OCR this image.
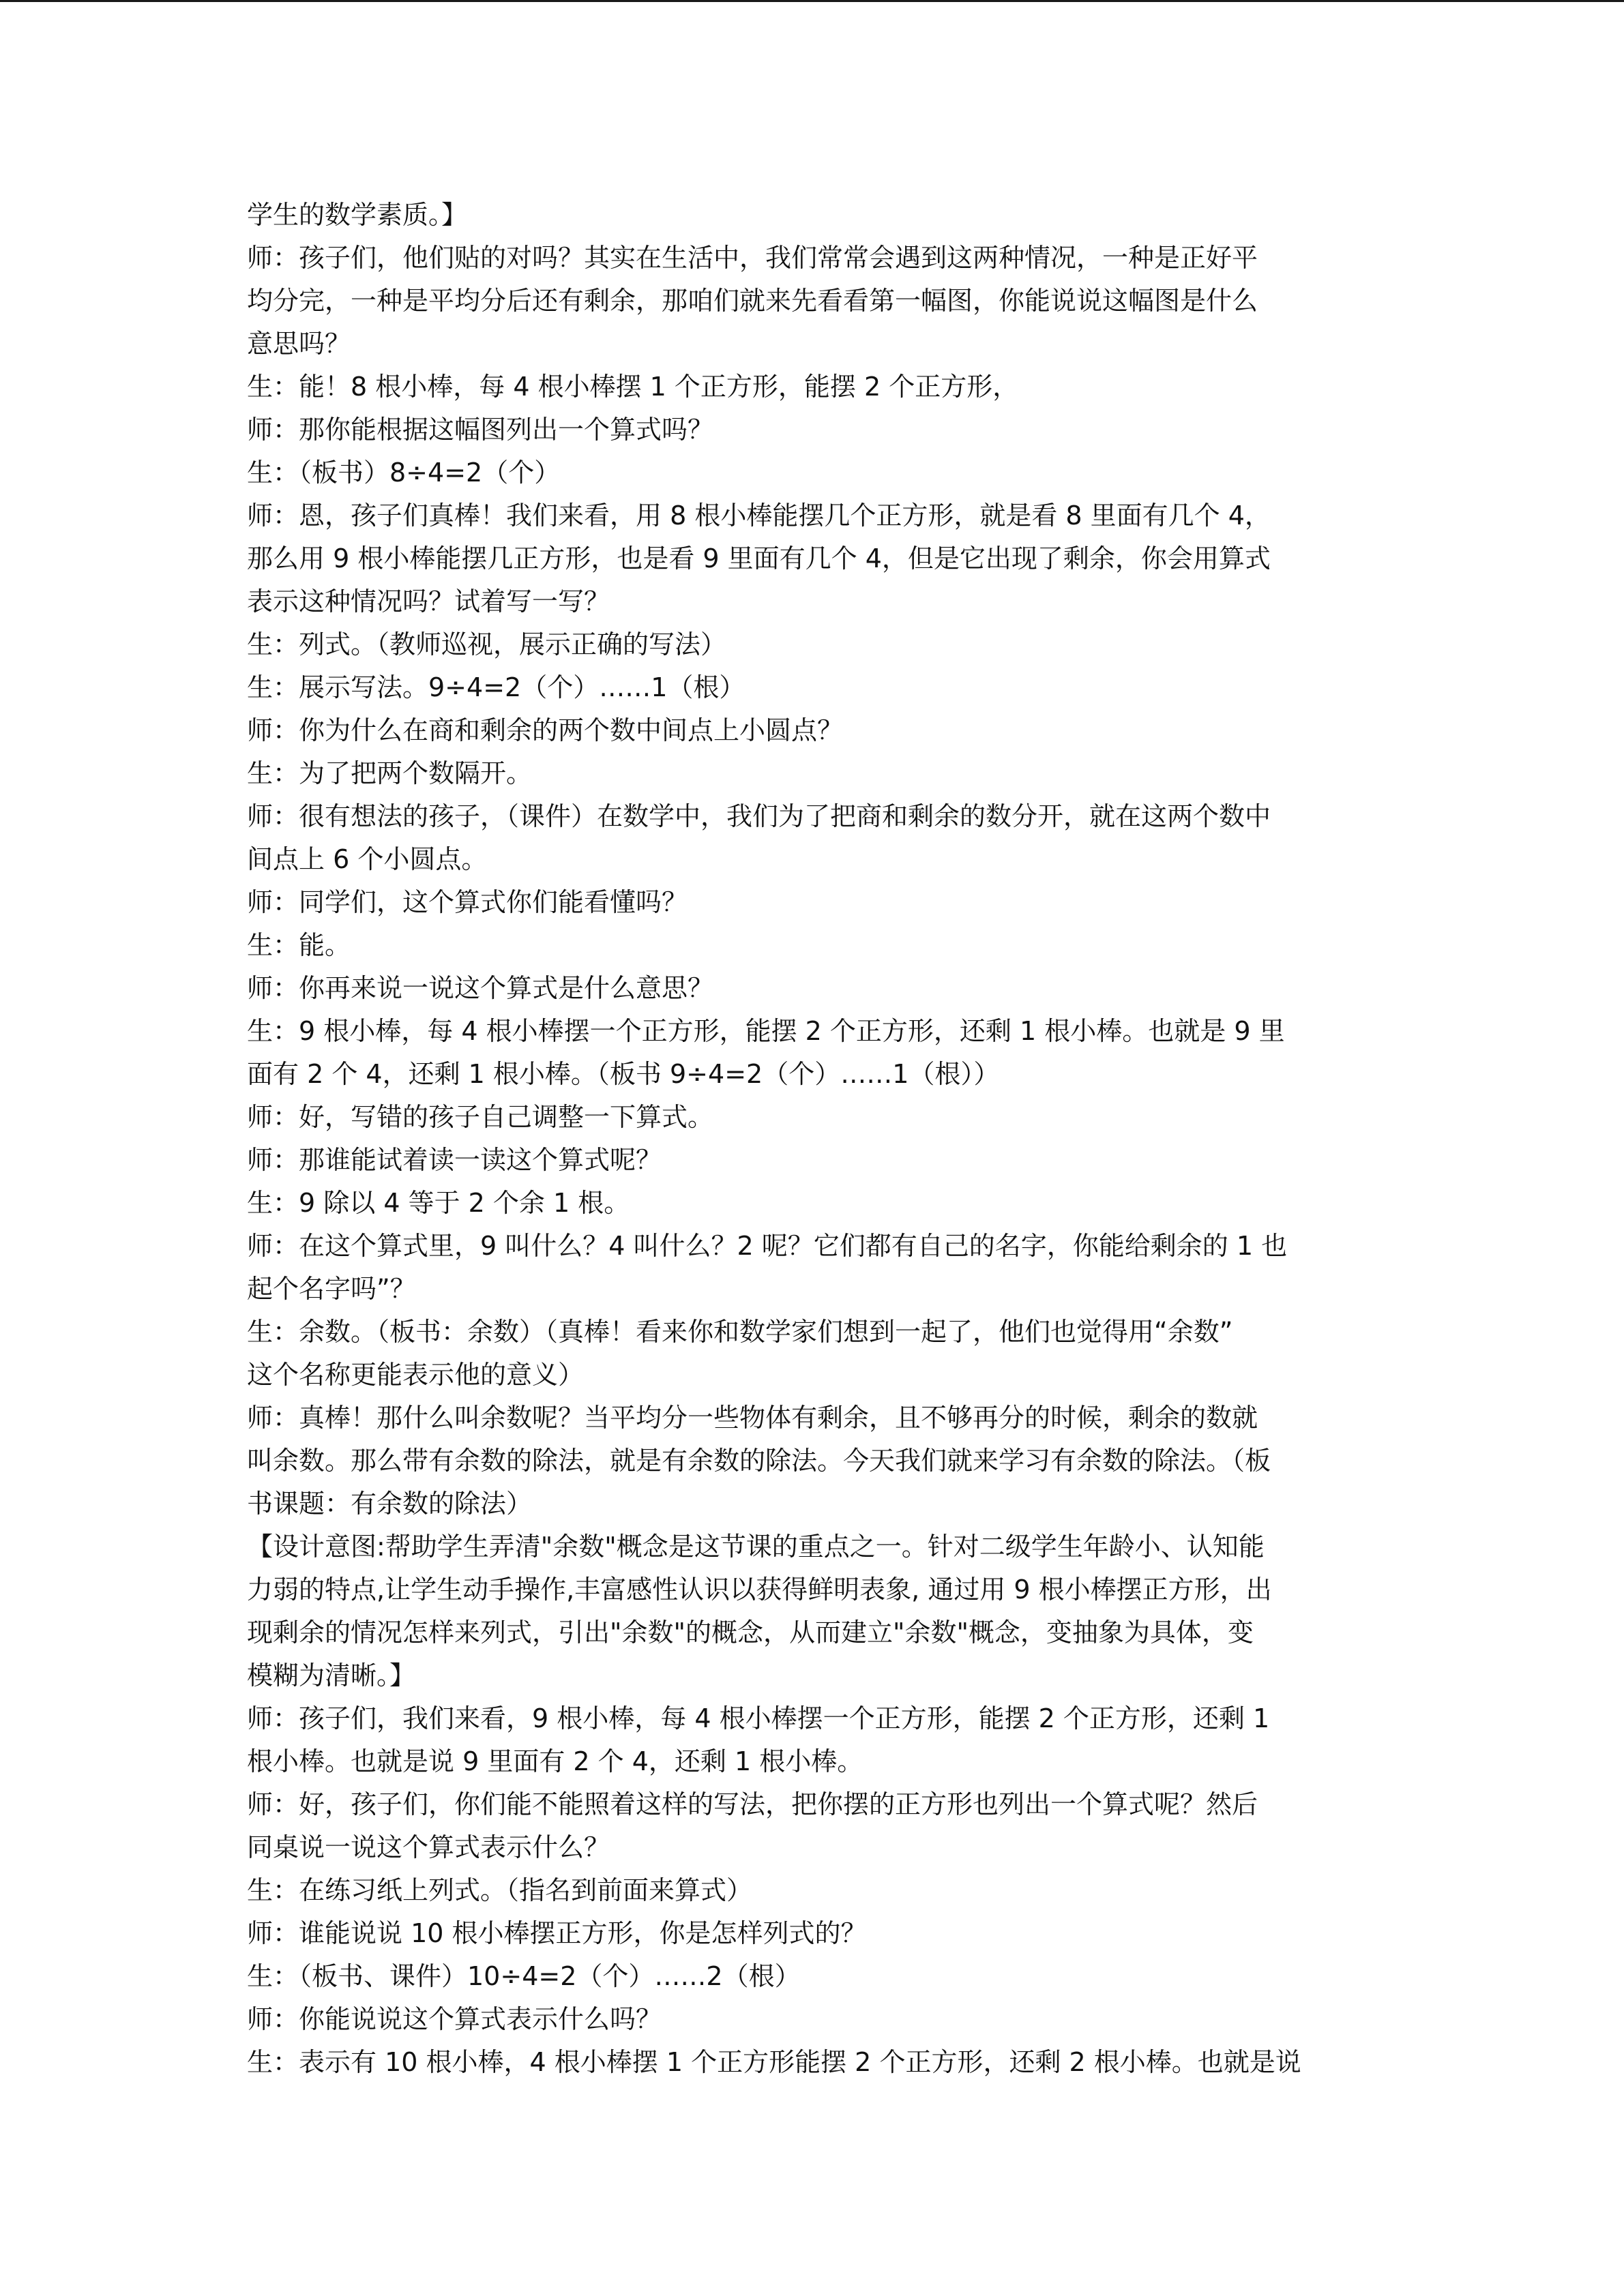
学生的数学素质。】
师：孩子们，他们贴的对吗？其实在生活中，我们常常会遇到这两种情况，一种是正好平
均分完，一种是平均分后还有剩余，那咱们就来先看看第一幅图，你能说说这幅图是什么
意思吗？
生：能！8 根小棒，每 4 根小棒摆 1 个正方形，能摆 2 个正方形，
师：那你能根据这幅图列出一个算式吗？
生：（板书）8÷4=2（个）
师：恩，孩子们真棒！我们来看，用 8 根小棒能摆几个正方形，就是看 8 里面有几个 4，
那么用 9 根小棒能摆几正方形，也是看 9 里面有几个 4，但是它出现了剩余，你会用算式
表示这种情况吗？试着写一写？
生：列式。（教师巡视，展示正确的写法）
生：展示写法。9÷4=2（个）……1（根）
师：你为什么在商和剩余的两个数中间点上小圆点？
生：为了把两个数隔开。
师：很有想法的孩子，（课件）在数学中，我们为了把商和剩余的数分开，就在这两个数中
间点上 6 个小圆点。
师：同学们，这个算式你们能看懂吗？
生：能。
师：你再来说一说这个算式是什么意思？
生：9 根小棒，每 4 根小棒摆一个正方形，能摆 2 个正方形，还剩 1 根小棒。也就是 9 里
面有 2 个 4，还剩 1 根小棒。（板书 9÷4=2（个）……1（根））
师：好，写错的孩子自己调整一下算式。
师：那谁能试着读一读这个算式呢？
生：9 除以 4 等于 2 个余 1 根。
师：在这个算式里，9 叫什么？4 叫什么？2 呢？它们都有自己的名字，你能给剩余的 1 也
起个名字吗”？
生：余数。（板书：余数）（真棒！看来你和数学家们想到一起了，他们也觉得用“余数”
这个名称更能表示他的意义）
师：真棒！那什么叫余数呢？当平均分一些物体有剩余，且不够再分的时候，剩余的数就
叫余数。那么带有余数的除法，就是有余数的除法。今天我们就来学习有余数的除法。（板
书课题：有余数的除法）
【设计意图:帮助学生弄清"余数"概念是这节课的重点之一。针对二级学生年龄小、认知能
力弱的特点,让学生动手操作,丰富感性认识以获得鲜明表象, 通过用 9 根小棒摆正方形，出
现剩余的情况怎样来列式，引出"余数"的概念，从而建立"余数"概念，变抽象为具体，变
模糊为清晰。】
师：孩子们，我们来看，9 根小棒，每 4 根小棒摆一个正方形，能摆 2 个正方形，还剩 1
根小棒。也就是说 9 里面有 2 个 4，还剩 1 根小棒。
师：好，孩子们，你们能不能照着这样的写法，把你摆的正方形也列出一个算式呢？然后
同桌说一说这个算式表示什么？
生：在练习纸上列式。（指名到前面来算式）
师：谁能说说 10 根小棒摆正方形，你是怎样列式的？
生：（板书、课件）10÷4=2（个）……2（根）
师：你能说说这个算式表示什么吗？
生：表示有 10 根小棒，4 根小棒摆 1 个正方形能摆 2 个正方形，还剩 2 根小棒。也就是说
